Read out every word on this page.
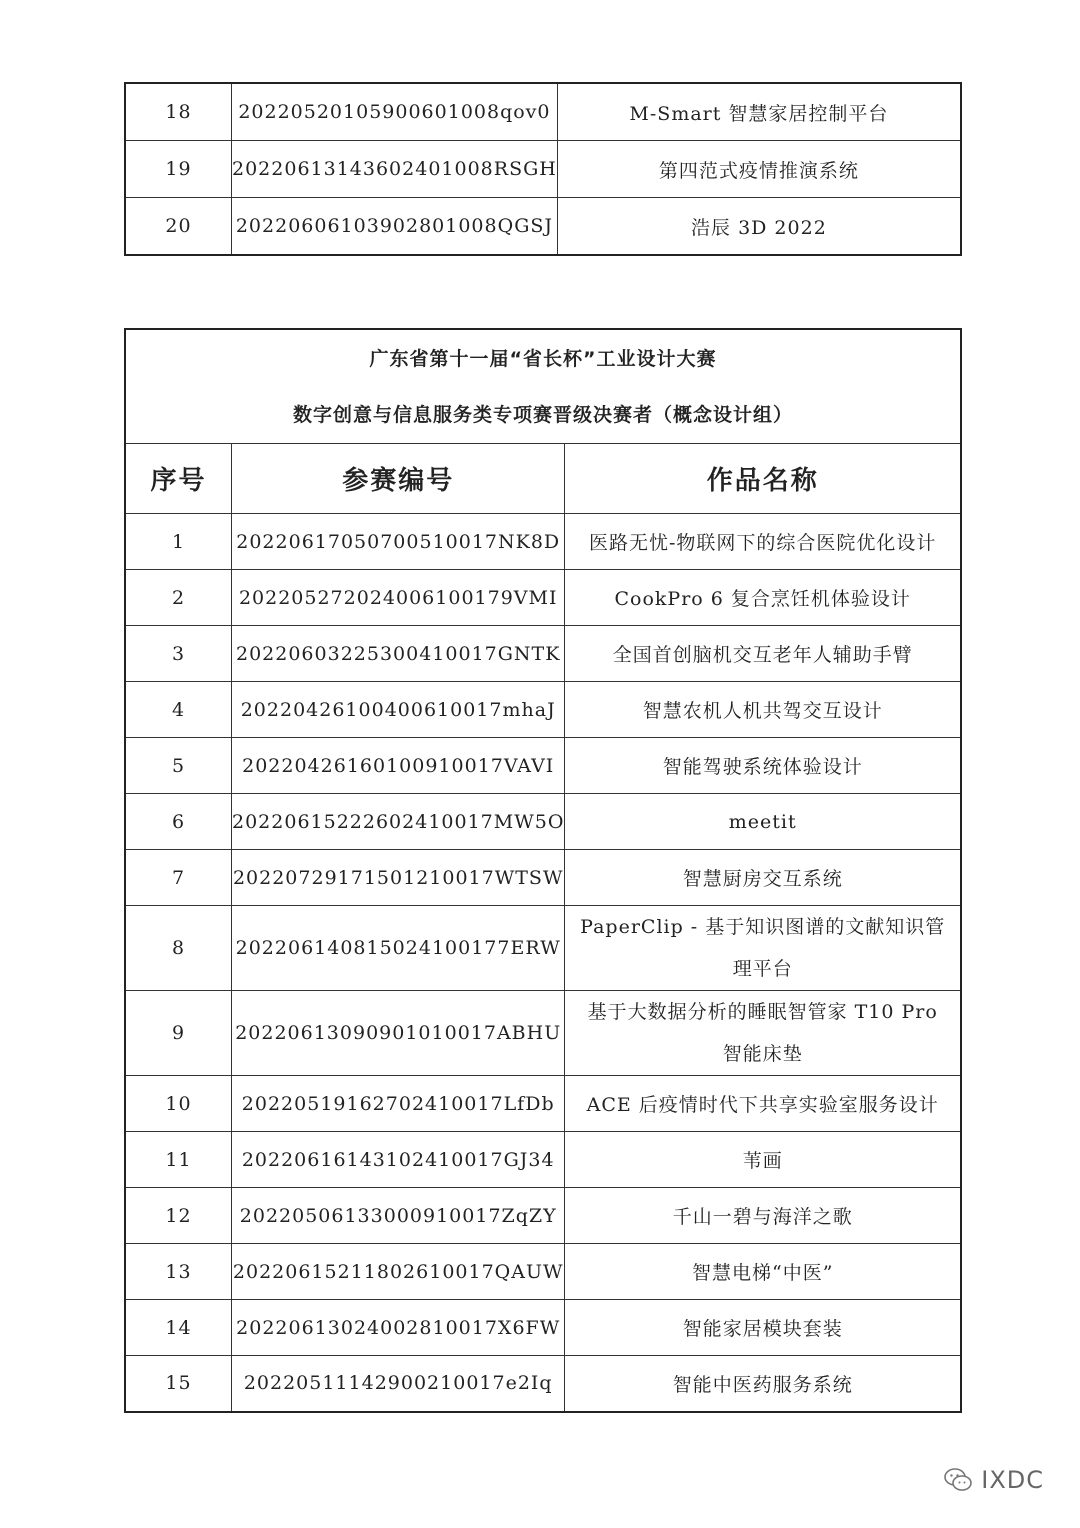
18	20220520105900601008qov0	M-Smart 智慧家居控制平台
19	20220613143602401008RSGH	第四范式疫情推演系统
20	20220606103902801008QGSJ	浩辰 3D 2022
广东省第十一届“省长杯”工业设计大赛
数字创意与信息服务类专项赛晋级决赛者（概念设计组）		

序号	参赛编号	作品名称
1	20220617050700510017NK8D	医路无忧-物联网下的综合医院优化设计
2	202205272024006100179VMI	CookPro 6 复合烹饪机体验设计
3	20220603225300410017GNTK	全国首创脑机交互老年人辅助手臂
4	20220426100400610017mhaJ	智慧农机人机共驾交互设计
5	20220426160100910017VAVI	智能驾驶系统体验设计
6	20220615222602410017MW5O	meetit
7	20220729171501210017WTSW	智慧厨房交互系统
8	202206140815024100177ERW	PaperClip - 基于知识图谱的文献知识管理平台
9	20220613090901010017ABHU	基于大数据分析的睡眠智管家 T10 Pro 智能床垫
10	20220519162702410017LfDb	ACE 后疫情时代下共享实验室服务设计
11	20220616143102410017GJ34	苇画
12	20220506133000910017ZqZY	千山一碧与海洋之歌
13	20220615211802610017QAUW	智慧电梯“中医”
14	20220613024002810017X6FW	智能家居模块套装
15	20220511142900210017e2Iq	智能中医药服务系统
IXDC
